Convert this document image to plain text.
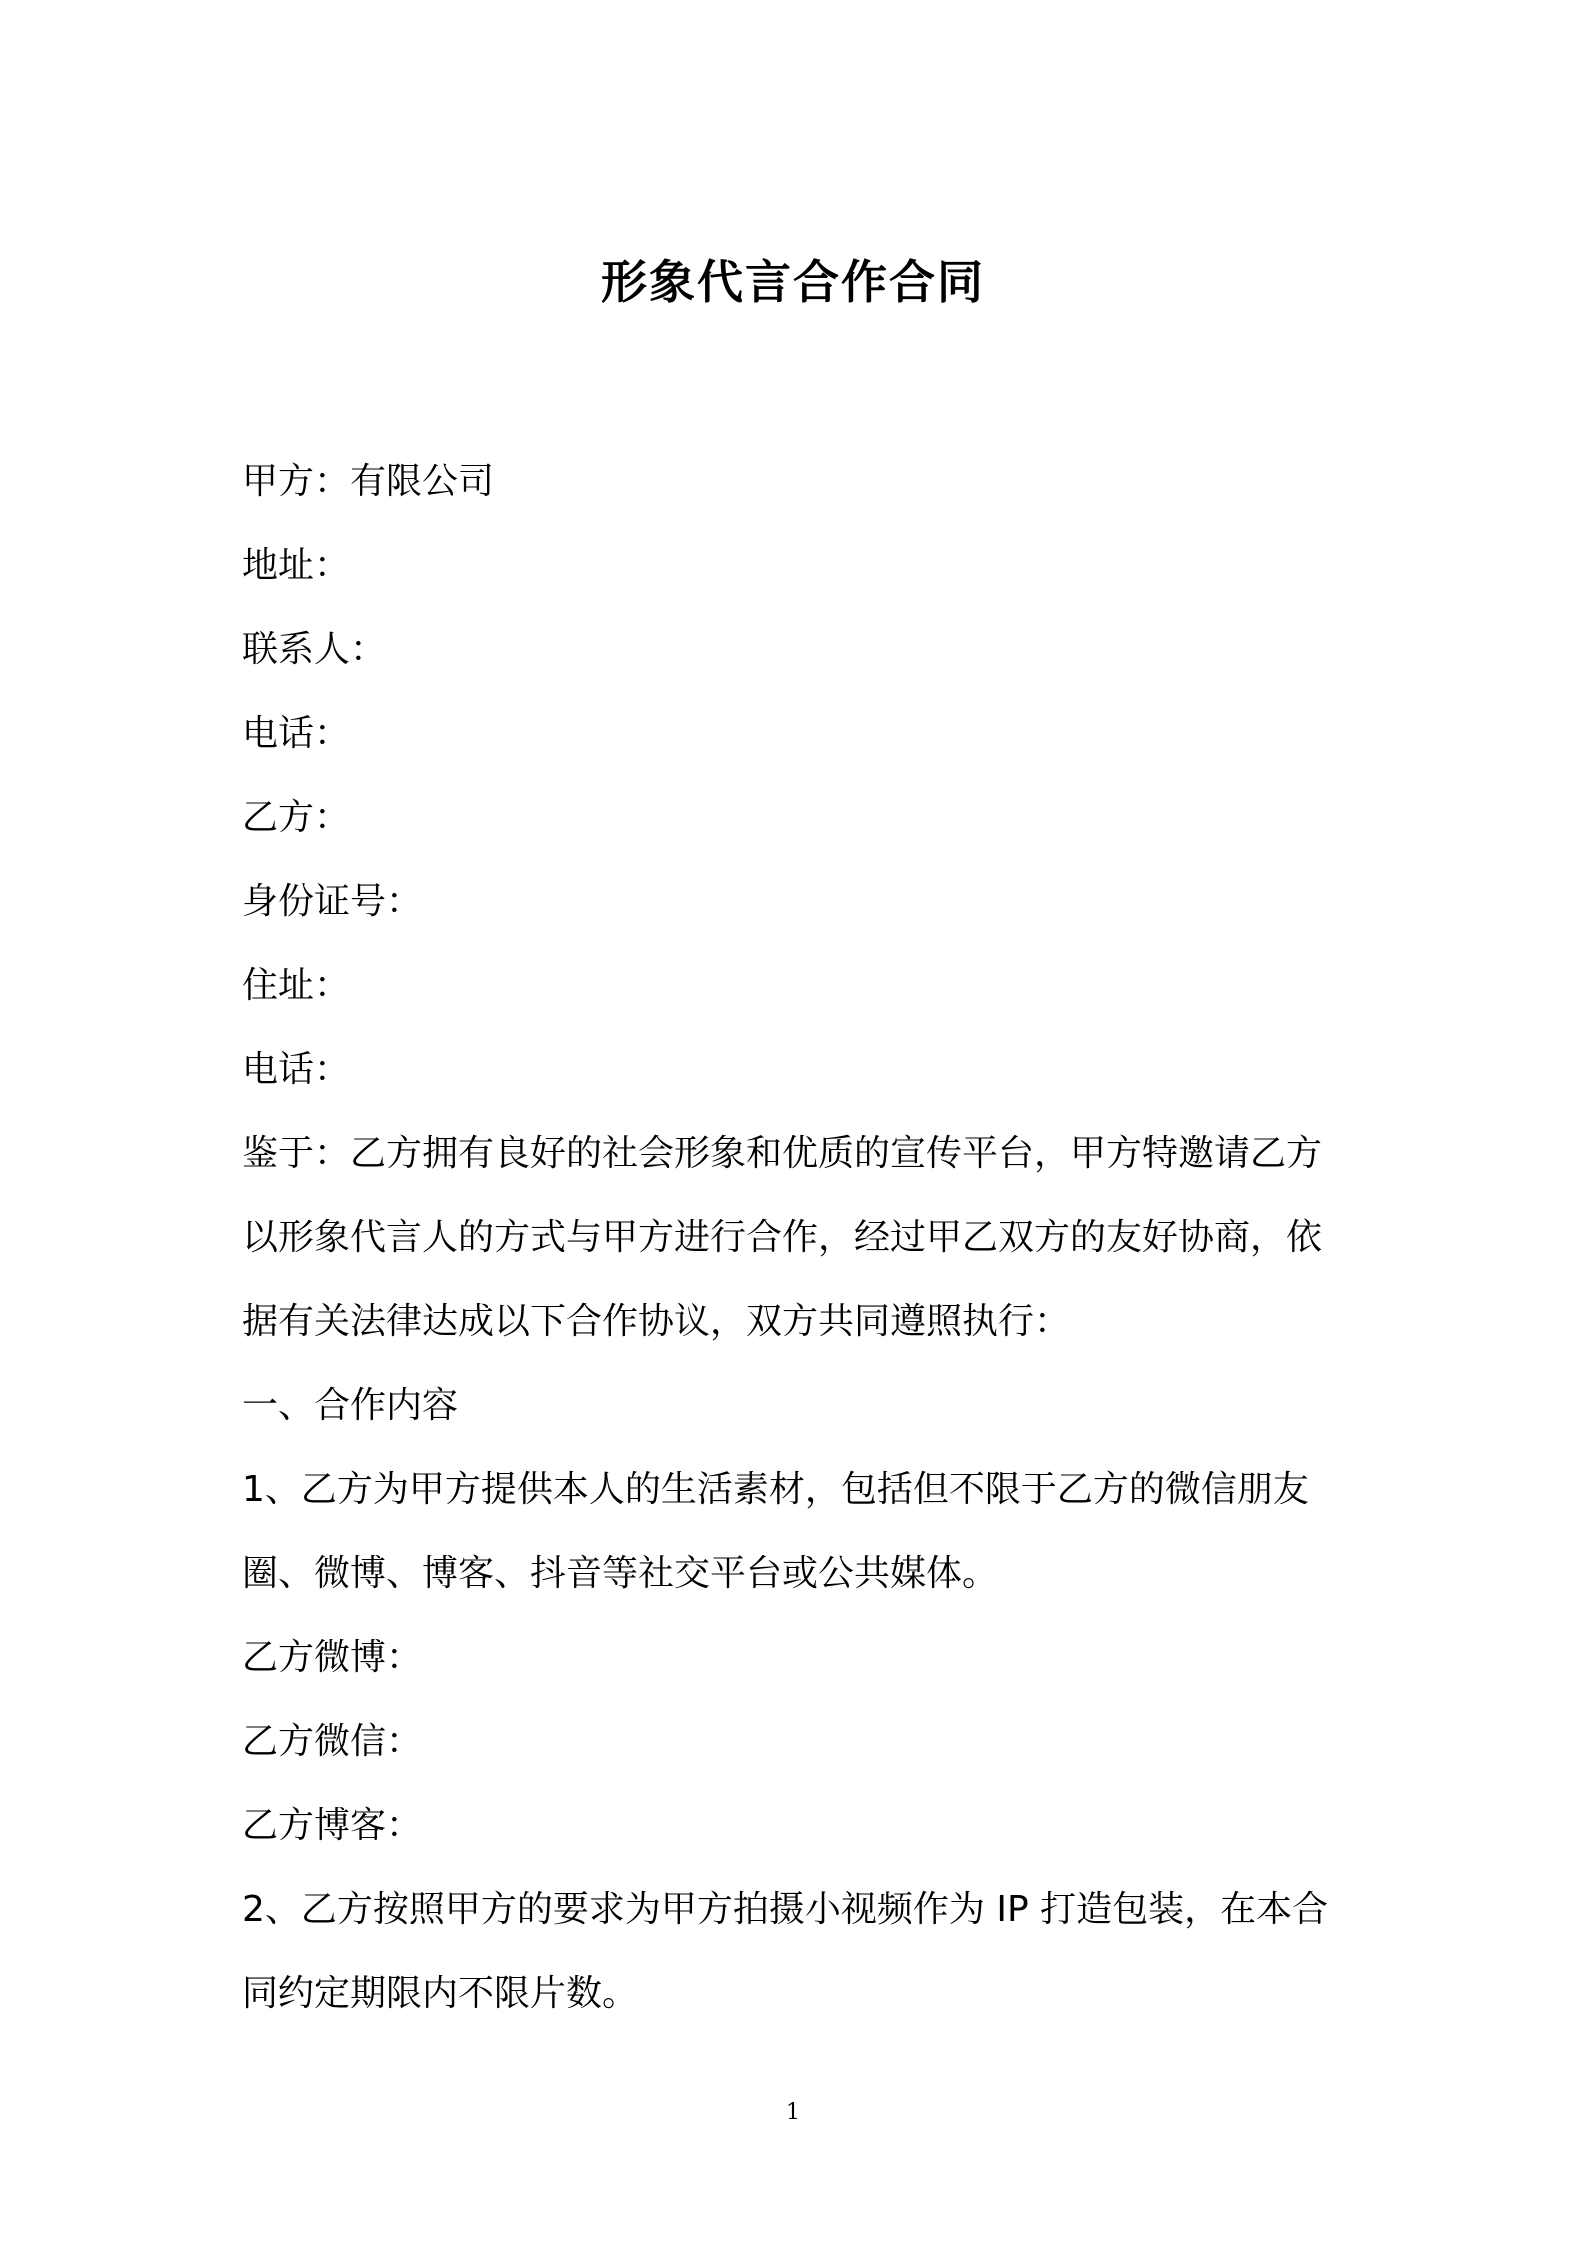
形象代言合作合同

甲方：有限公司

地址：

联系人：

电话：

乙方：

身份证号：

住址：

电话：

鉴于：乙方拥有良好的社会形象和优质的宣传平台，甲方特邀请乙方

以形象代言人的方式与甲方进行合作，经过甲乙双方的友好协商，依

据有关法律达成以下合作协议，双方共同遵照执行：

一、合作内容

1、乙方为甲方提供本人的生活素材，包括但不限于乙方的微信朋友

圈、微博、博客、抖音等社交平台或公共媒体。

乙方微博：

乙方微信：

乙方博客：

2、乙方按照甲方的要求为甲方拍摄小视频作为 IP 打造包装，在本合

同约定期限内不限片数。

1
